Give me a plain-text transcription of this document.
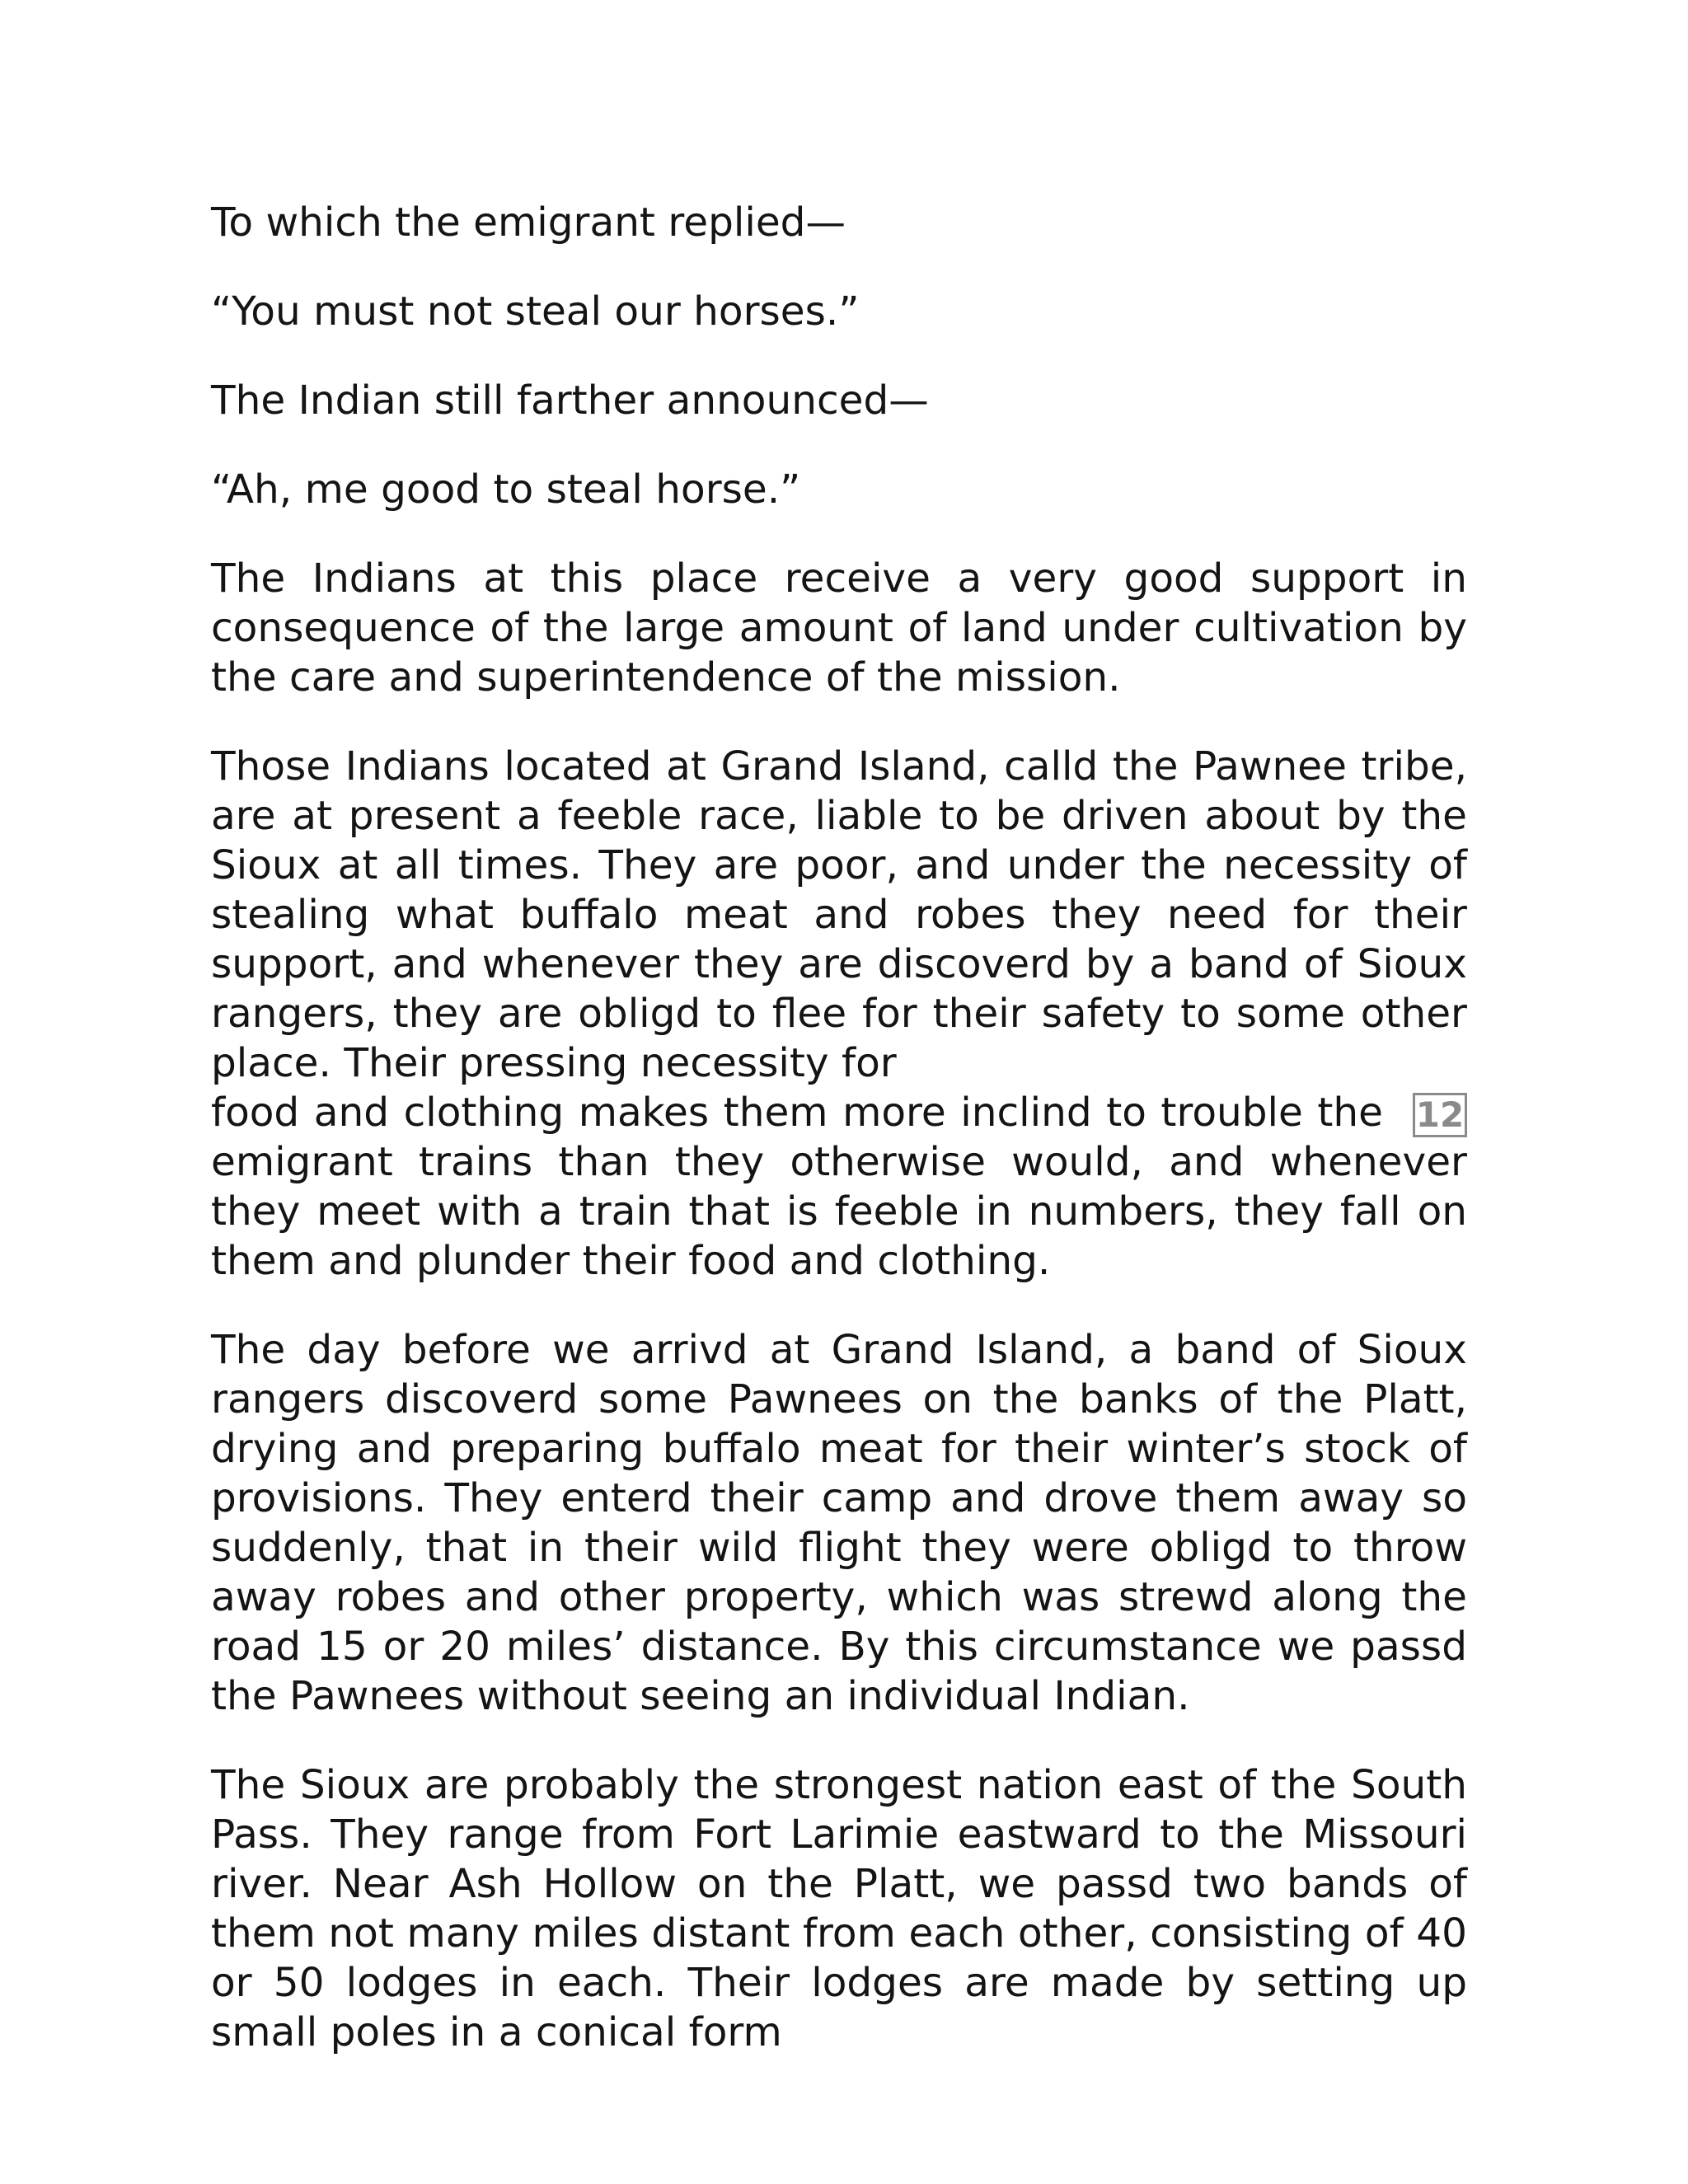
To which the emigrant replied—

“You must not steal our horses.”

The Indian still farther announced—

“Ah, me good to steal horse.”

The Indians at this place receive a very good support in consequence of the large amount of land under cultivation by the care and superintendence of the mission.

Those Indians located at Grand Island, calld the Pawnee tribe, are at present a feeble race, liable to be driven about by the Sioux at all times. They are poor, and under the necessity of stealing what buffalo meat and robes they need for their support, and whenever they are discoverd by a band of Sioux rangers, they are obligd to flee for their safety to some other place. Their pressing necessity for

12

food and clothing makes them more inclind to trouble the emigrant trains than they otherwise would, and whenever they meet with a train that is feeble in numbers, they fall on them and plunder their food and clothing.

The day before we arrivd at Grand Island, a band of Sioux rangers discoverd some Pawnees on the banks of the Platt, drying and preparing buffalo meat for their winter’s stock of provisions. They enterd their camp and drove them away so suddenly, that in their wild flight they were obligd to throw away robes and other property, which was strewd along the road 15 or 20 miles’ distance. By this circumstance we passd the Pawnees without seeing an individual Indian.

The Sioux are probably the strongest nation east of the South Pass. They range from Fort Larimie eastward to the Missouri river. Near Ash Hollow on the Platt, we passd two bands of them not many miles distant from each other, consisting of 40 or 50 lodges in each. Their lodges are made by setting up small poles in a conical form
